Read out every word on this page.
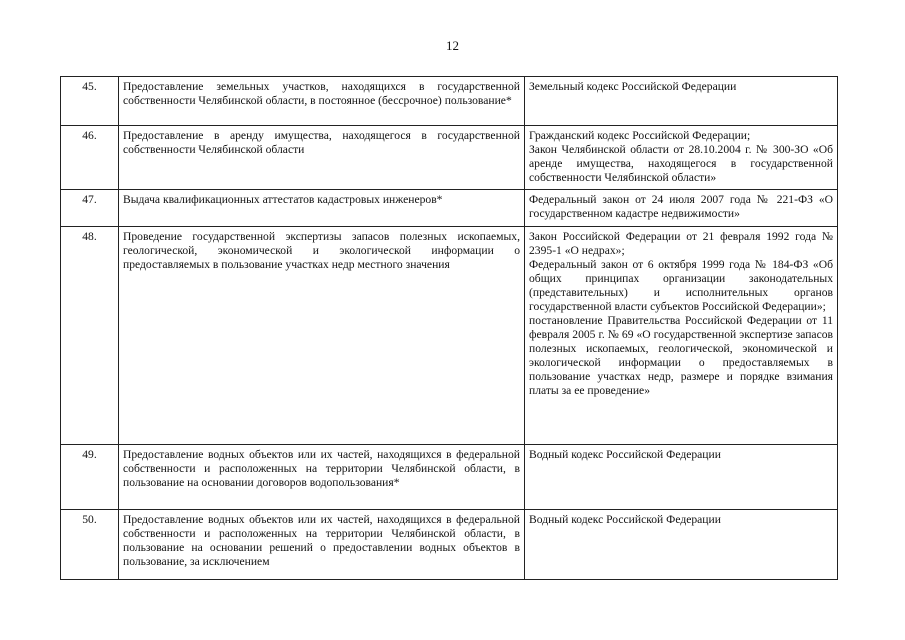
12
45.	Предоставление земельных участков, находящихся в государственной собственности Челябинской области, в постоянное (бессрочное) пользование*	Земельный кодекс Российской Федерации

46.	Предоставление в аренду имущества, находящегося в государственной собственности Челябинской области	Гражданский кодекс Российской Федерации;
Закон Челябинской области от 28.10.2004 г. № 300-ЗО «Об аренде имущества, находящегося в государственной собственности Челябинской области»

47.	Выдача квалификационных аттестатов кадастровых инженеров*	Федеральный закон от 24 июля 2007 года № 221-ФЗ «О государственном кадастре недвижимости»

48.	Проведение государственной экспертизы запасов полезных ископаемых, геологической, экономической и экологической информации о предоставляемых в пользование участках недр местного значения	Закон Российской Федерации от 21 февраля 1992 года № 2395-1 «О недрах»;
Федеральный закон от 6 октября 1999 года № 184-ФЗ «Об общих принципах организации законодательных (представительных) и исполнительных органов государственной власти субъектов Российской Федерации»;
постановление Правительства Российской Федерации от 11 февраля 2005 г. № 69 «О государственной экспертизе запасов полезных ископаемых, геологической, экономической и экологической информации о предоставляемых в пользование участках недр, размере и порядке взимания платы за ее проведение»

49.	Предоставление водных объектов или их частей, находящихся в федеральной собственности и расположенных на территории Челябинской области, в пользование на основании договоров водопользования*	Водный кодекс Российской Федерации

50.	Предоставление водных объектов или их частей, находящихся в федеральной собственности и расположенных на территории Челябинской области, в пользование на основании решений о предоставлении водных объектов в пользование, за исключением	Водный кодекс Российской Федерации
